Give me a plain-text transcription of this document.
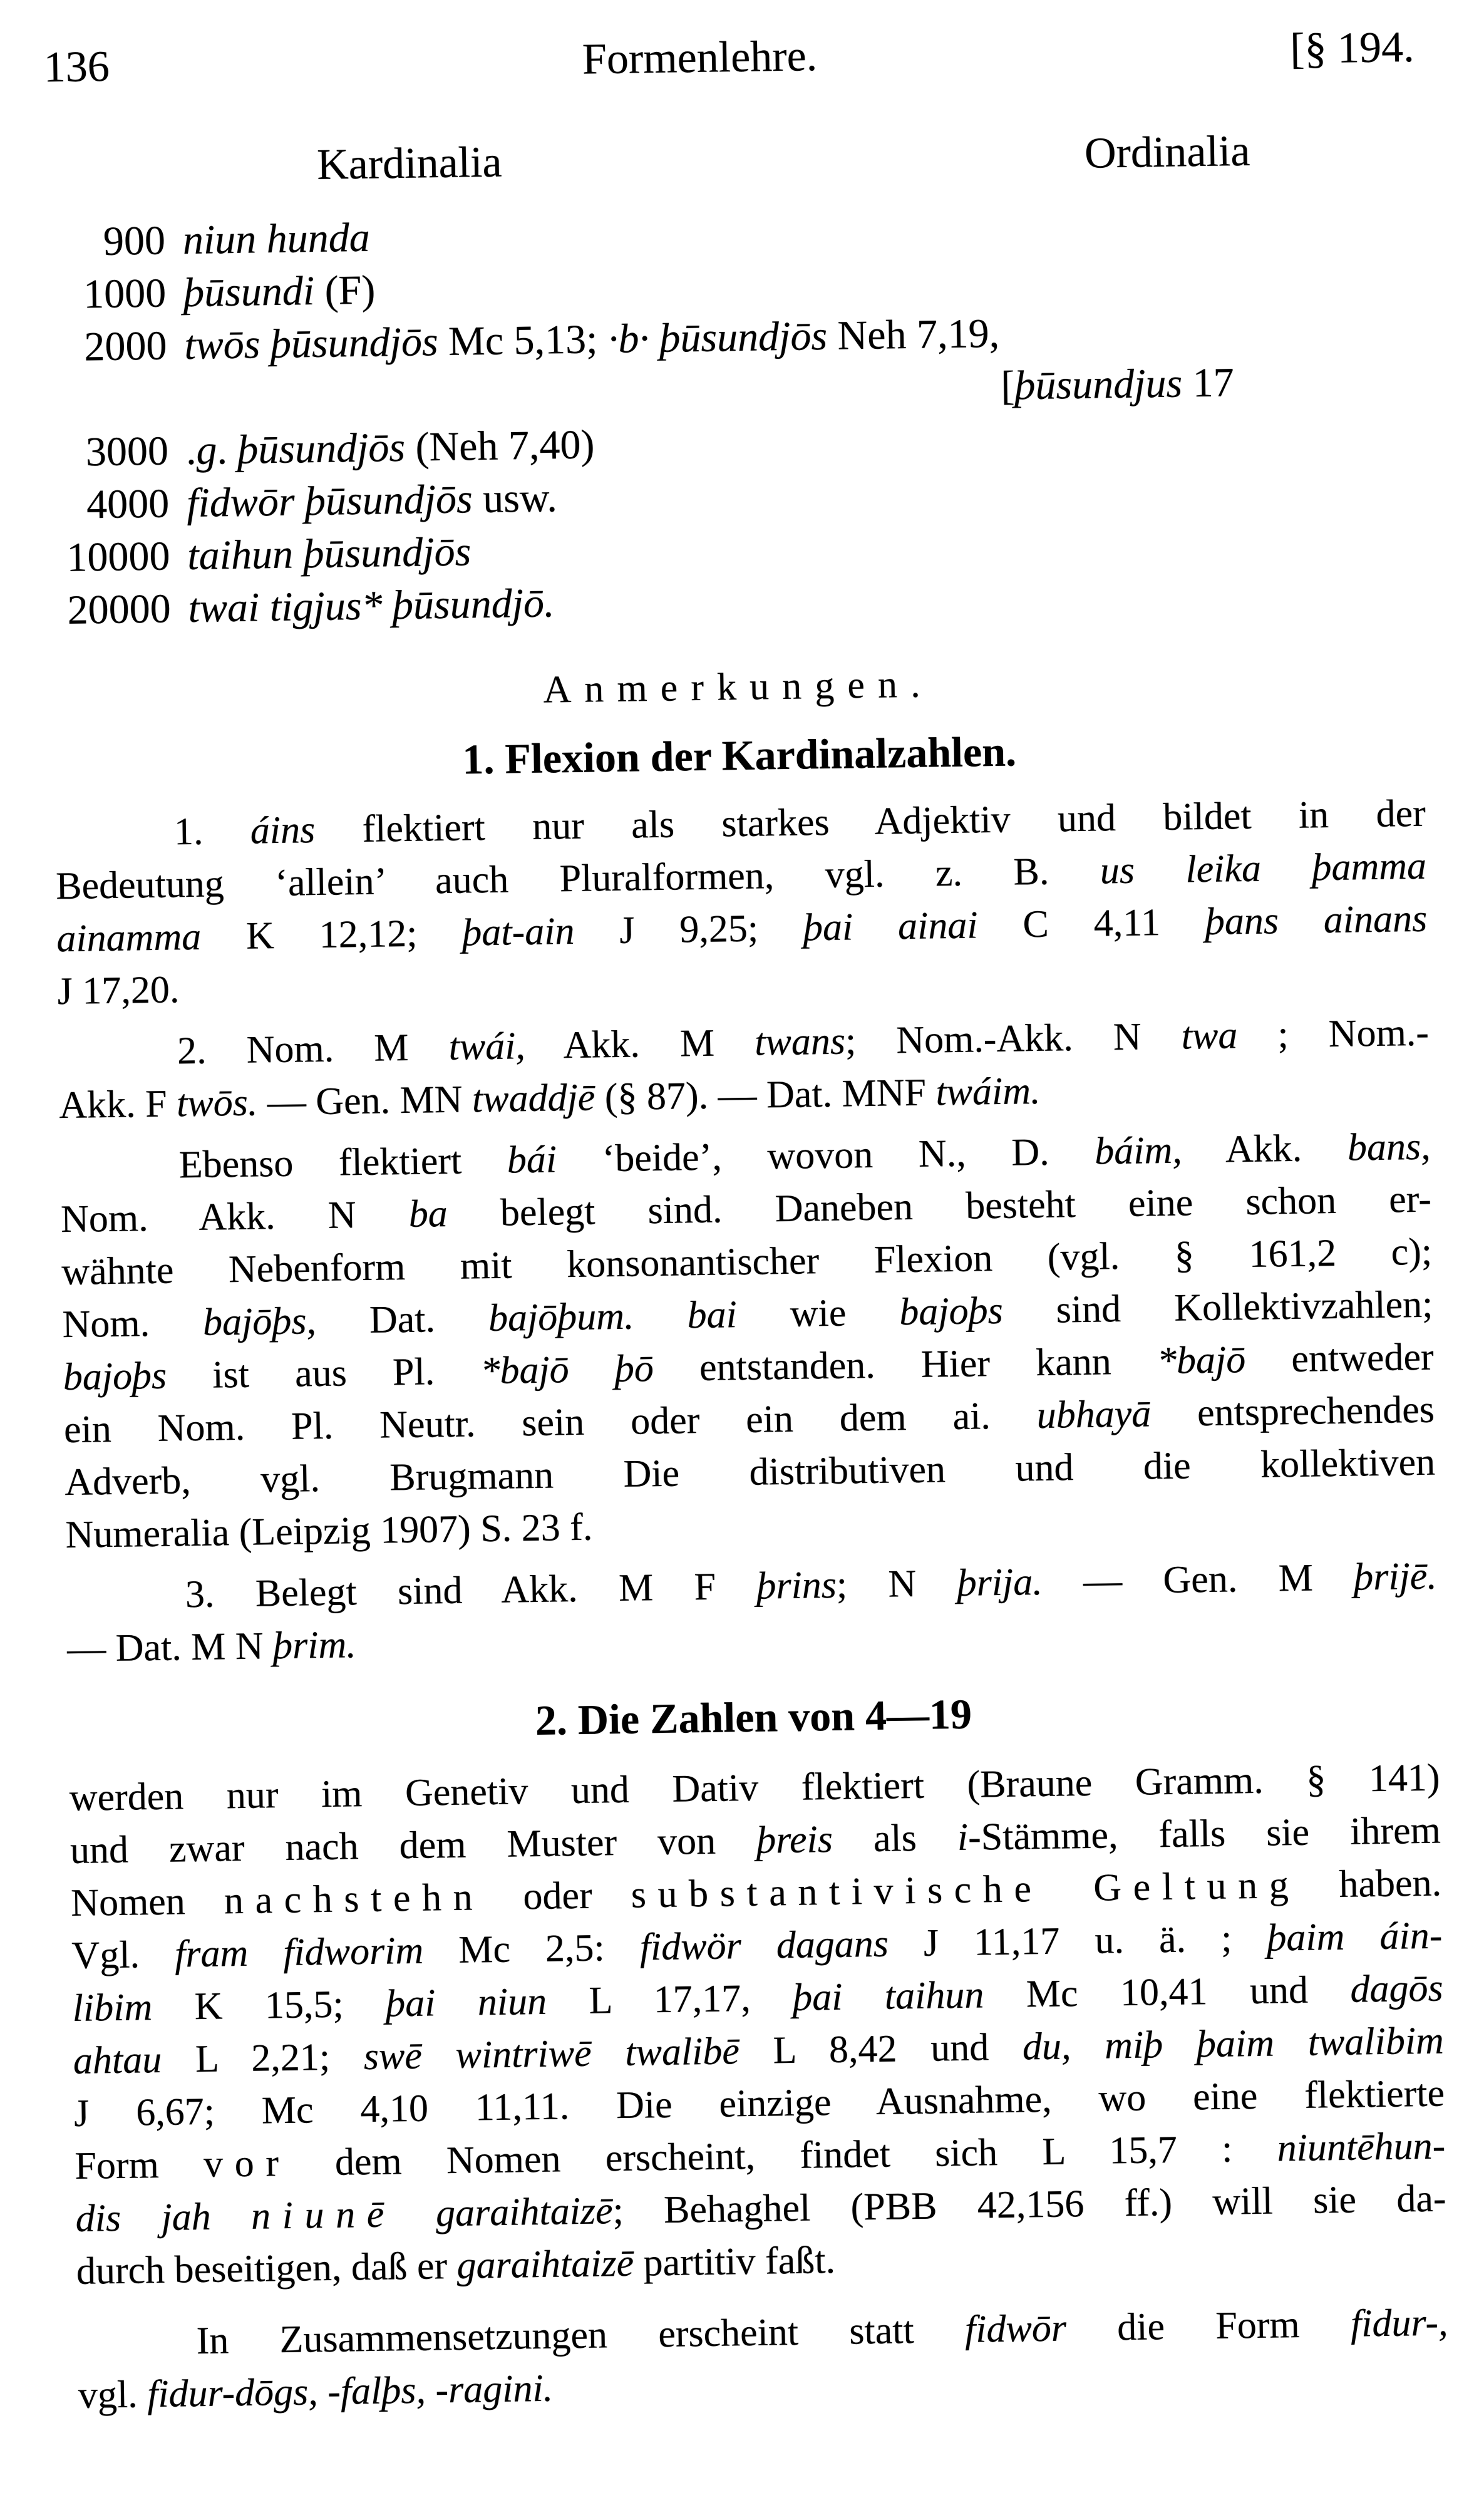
136	Formenlehre.	[§ 194.
Kardinalia	Ordinalia
900 niun hunda
1000 þūsundi (F)
2000 twōs þūsundjōs Mc 5,13; ·b· þūsundjōs Neh 7,19,
[þūsundjus 17
3000 .g. þūsundjōs (Neh 7,40)
4000 fidwōr þūsundjōs usw.
10000 taihun þūsundjōs
20000 twai tigjus* þūsundjō.
Anmerkungen.
1. Flexion der Kardinalzahlen.
1. áins flektiert nur als starkes Adjektiv und bildet in der
Bedeutung ‘allein’ auch Pluralformen, vgl. z. B. us leika þamma
ainamma K 12,12; þat-ain J 9,25; þai ainai C 4,11 þans ainans
J 17,20.
2. Nom. M twái, Akk. M twans; Nom.-Akk. N twa ; Nom.-
Akk. F twōs. — Gen. MN twaddjē (§ 87). — Dat. MNF twáim.
Ebenso flektiert bái ‘beide’, wovon N., D. báim, Akk. bans,
Nom. Akk. N ba belegt sind. Daneben besteht eine schon er-
wähnte Nebenform mit konsonantischer Flexion (vgl. § 161,2 c);
Nom. bajōþs, Dat. bajōþum. bai wie bajoþs sind Kollektivzahlen;
bajoþs ist aus Pl. *bajō þō entstanden. Hier kann *bajō entweder
ein Nom. Pl. Neutr. sein oder ein dem ai. ubhayā entsprechendes
Adverb, vgl. Brugmann Die distributiven und die kollektiven
Numeralia (Leipzig 1907) S. 23 f.
3. Belegt sind Akk. M F þrins; N þrija. — Gen. M þrijē.
— Dat. M N þrim.
2. Die Zahlen von 4—19
werden nur im Genetiv und Dativ flektiert (Braune Gramm. § 141)
und zwar nach dem Muster von þreis als i-Stämme, falls sie ihrem
Nomen nachstehn oder substantivische Geltung haben.
Vgl. fram fidworim Mc 2,5: fidwör dagans J 11,17 u. ä. ; þaim áin-
libim K 15,5; þai niun L 17,17, þai taihun Mc 10,41 und dagōs
ahtau L 2,21; swē wintriwē twalibē L 8,42 und du, miþ þaim twalibim
J 6,67; Mc 4,10 11,11. Die einzige Ausnahme, wo eine flektierte
Form vor dem Nomen erscheint, findet sich L 15,7 : niuntēhun-
dis jah niunē garaihtaizē; Behaghel (PBB 42,156 ff.) will sie da-
durch beseitigen, daß er garaihtaizē partitiv faßt.
In Zusammensetzungen erscheint statt fidwōr die Form fidur-,
vgl. fidur-dōgs, -falþs, -ragini.
